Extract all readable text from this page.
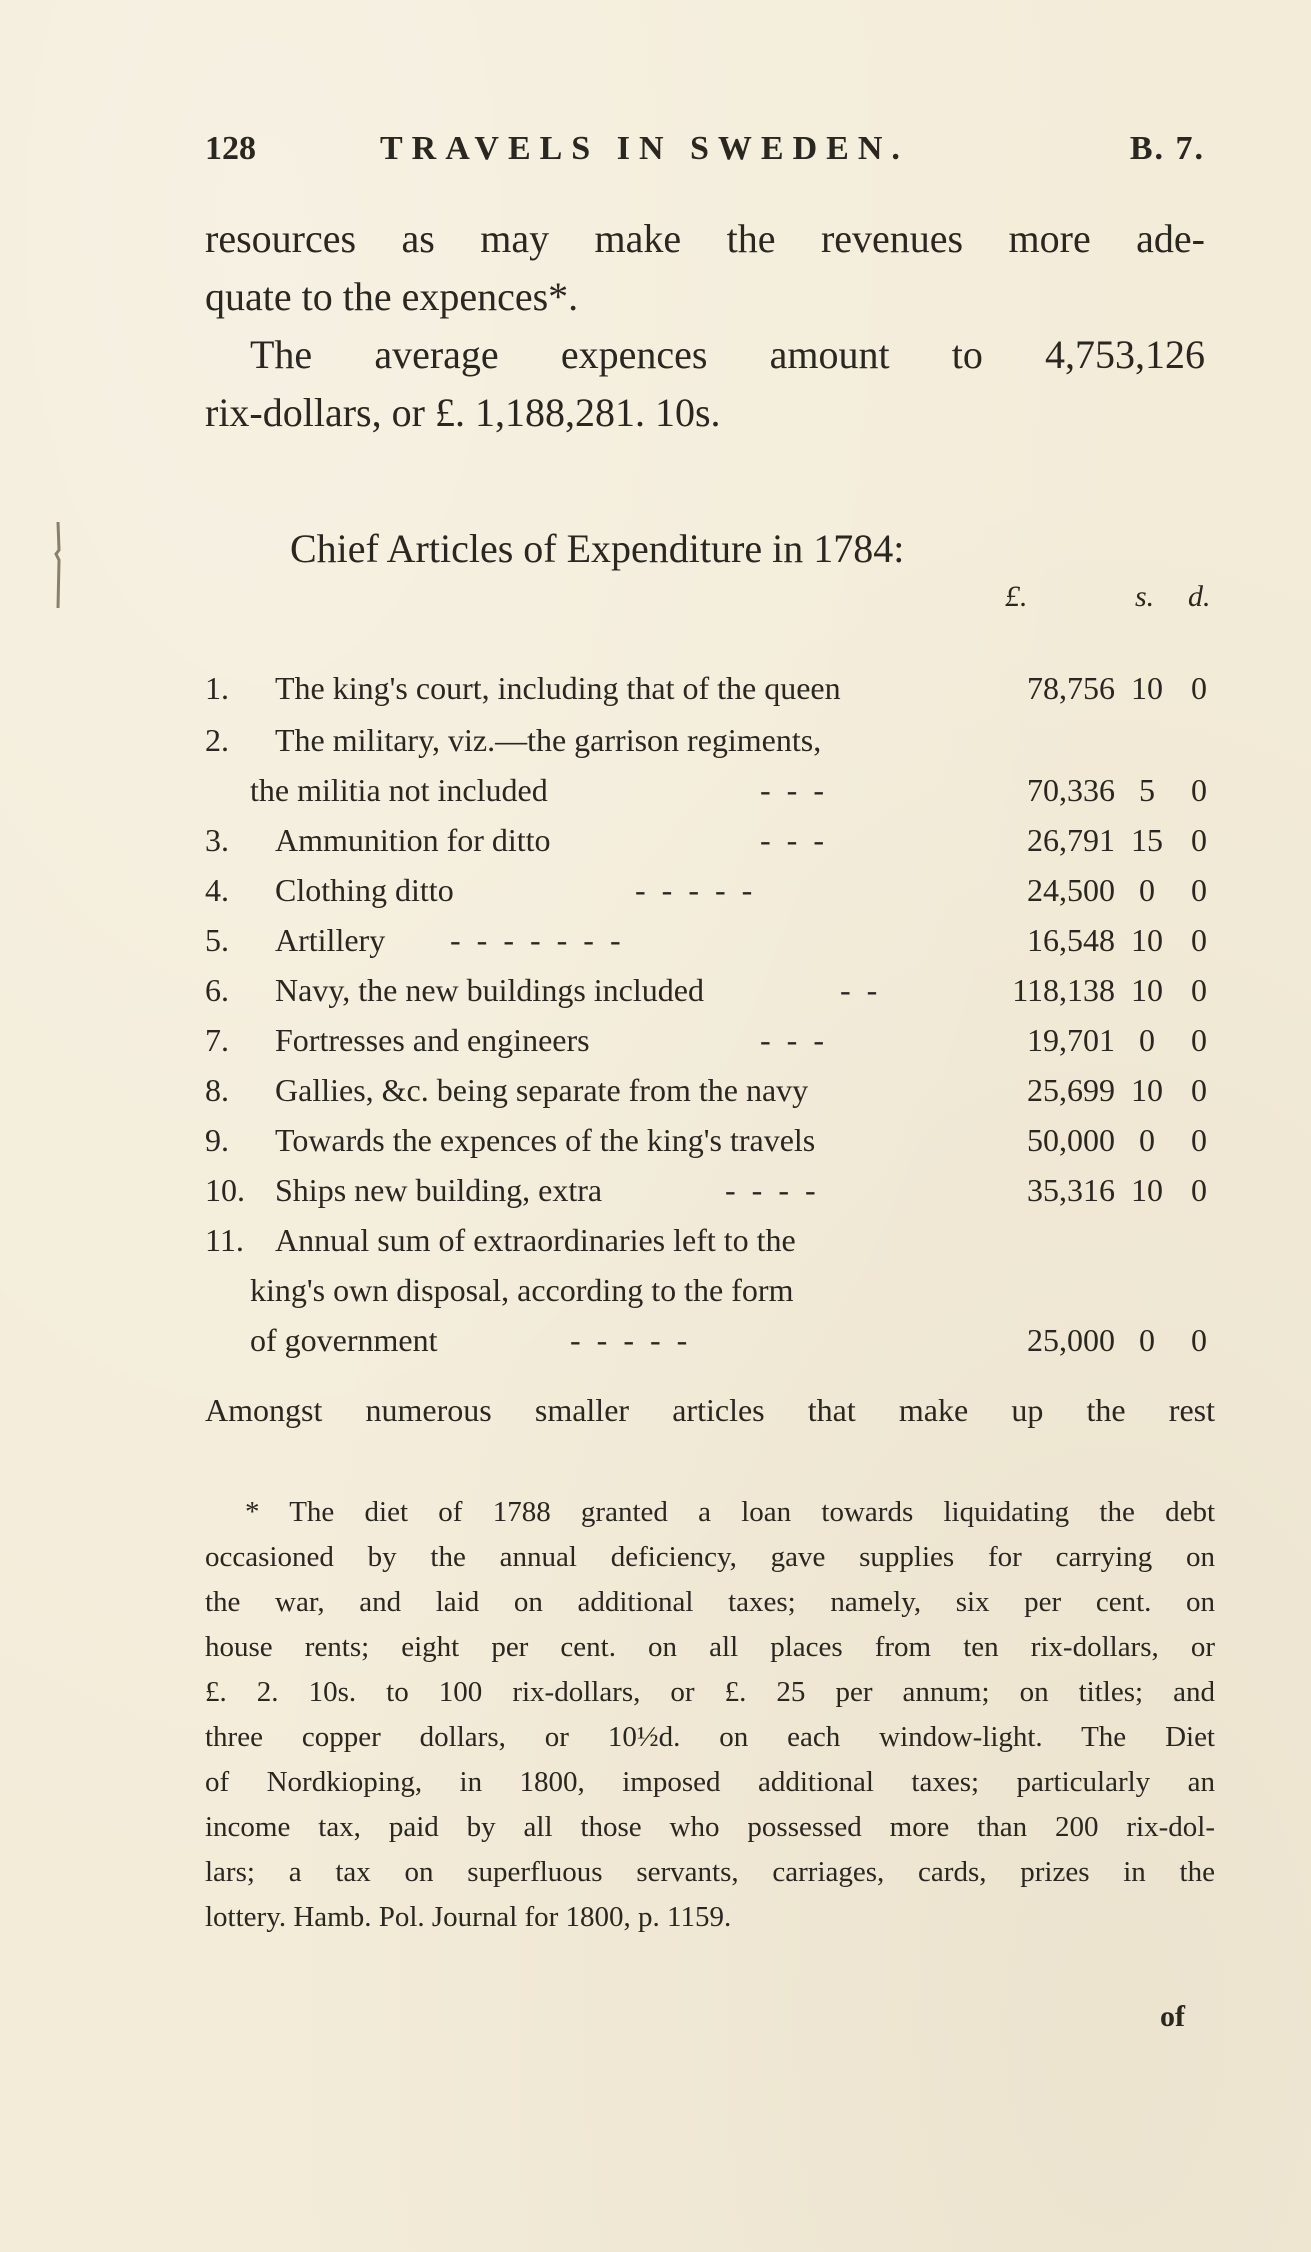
128	TRAVELS IN SWEDEN.	B. 7.
resources as may make the revenues more ade-
quate to the expences*.
The average expences amount to 4,753,126
rix-dollars, or £. 1,188,281. 10s.
Chief Articles of Expenditure in 1784:
£.	s. d.
1.	The king's court, including that of the queen	78,756 10 0
2.	The military, viz.—the garrison regiments,
the militia not included	- - -	70,336 5	0
3.	Ammunition for ditto	- - -	26,791 15 0
4.	Clothing ditto	- - - - -	24,500 0	0
5.	Artillery - - - - - - -	16,548 10 0
6.	Navy, the new buildings included	- -	118,138 10 0
7.	Fortresses and engineers	- - -	19,701 0	0
8.	Gallies, &c. being separate from the navy	25,699 10 0
9.	Towards the expences of the king's travels	50,000 0	0
10. Ships new building, extra	- - - -	35,316 10 0
11. Annual sum of extraordinaries left to the
king's own disposal, according to the form
of government	- - - - -	25,000 0	0
Amongst numerous smaller articles that make up the rest
* The diet of 1788 granted a loan towards liquidating the debt
occasioned by the annual deficiency, gave supplies for carrying on
the war, and laid on additional taxes; namely, six per cent. on
house rents; eight per cent. on all places from ten rix-dollars, or
£. 2. 10s. to 100 rix-dollars, or £. 25 per annum; on titles; and
three copper dollars, or 10½d. on each window-light. The Diet
of Nordkioping, in 1800, imposed additional taxes; particularly an
income tax, paid by all those who possessed more than 200 rix-dol-
lars; a tax on superfluous servants, carriages, cards, prizes in the
lottery. Hamb. Pol. Journal for 1800, p. 1159.
of
